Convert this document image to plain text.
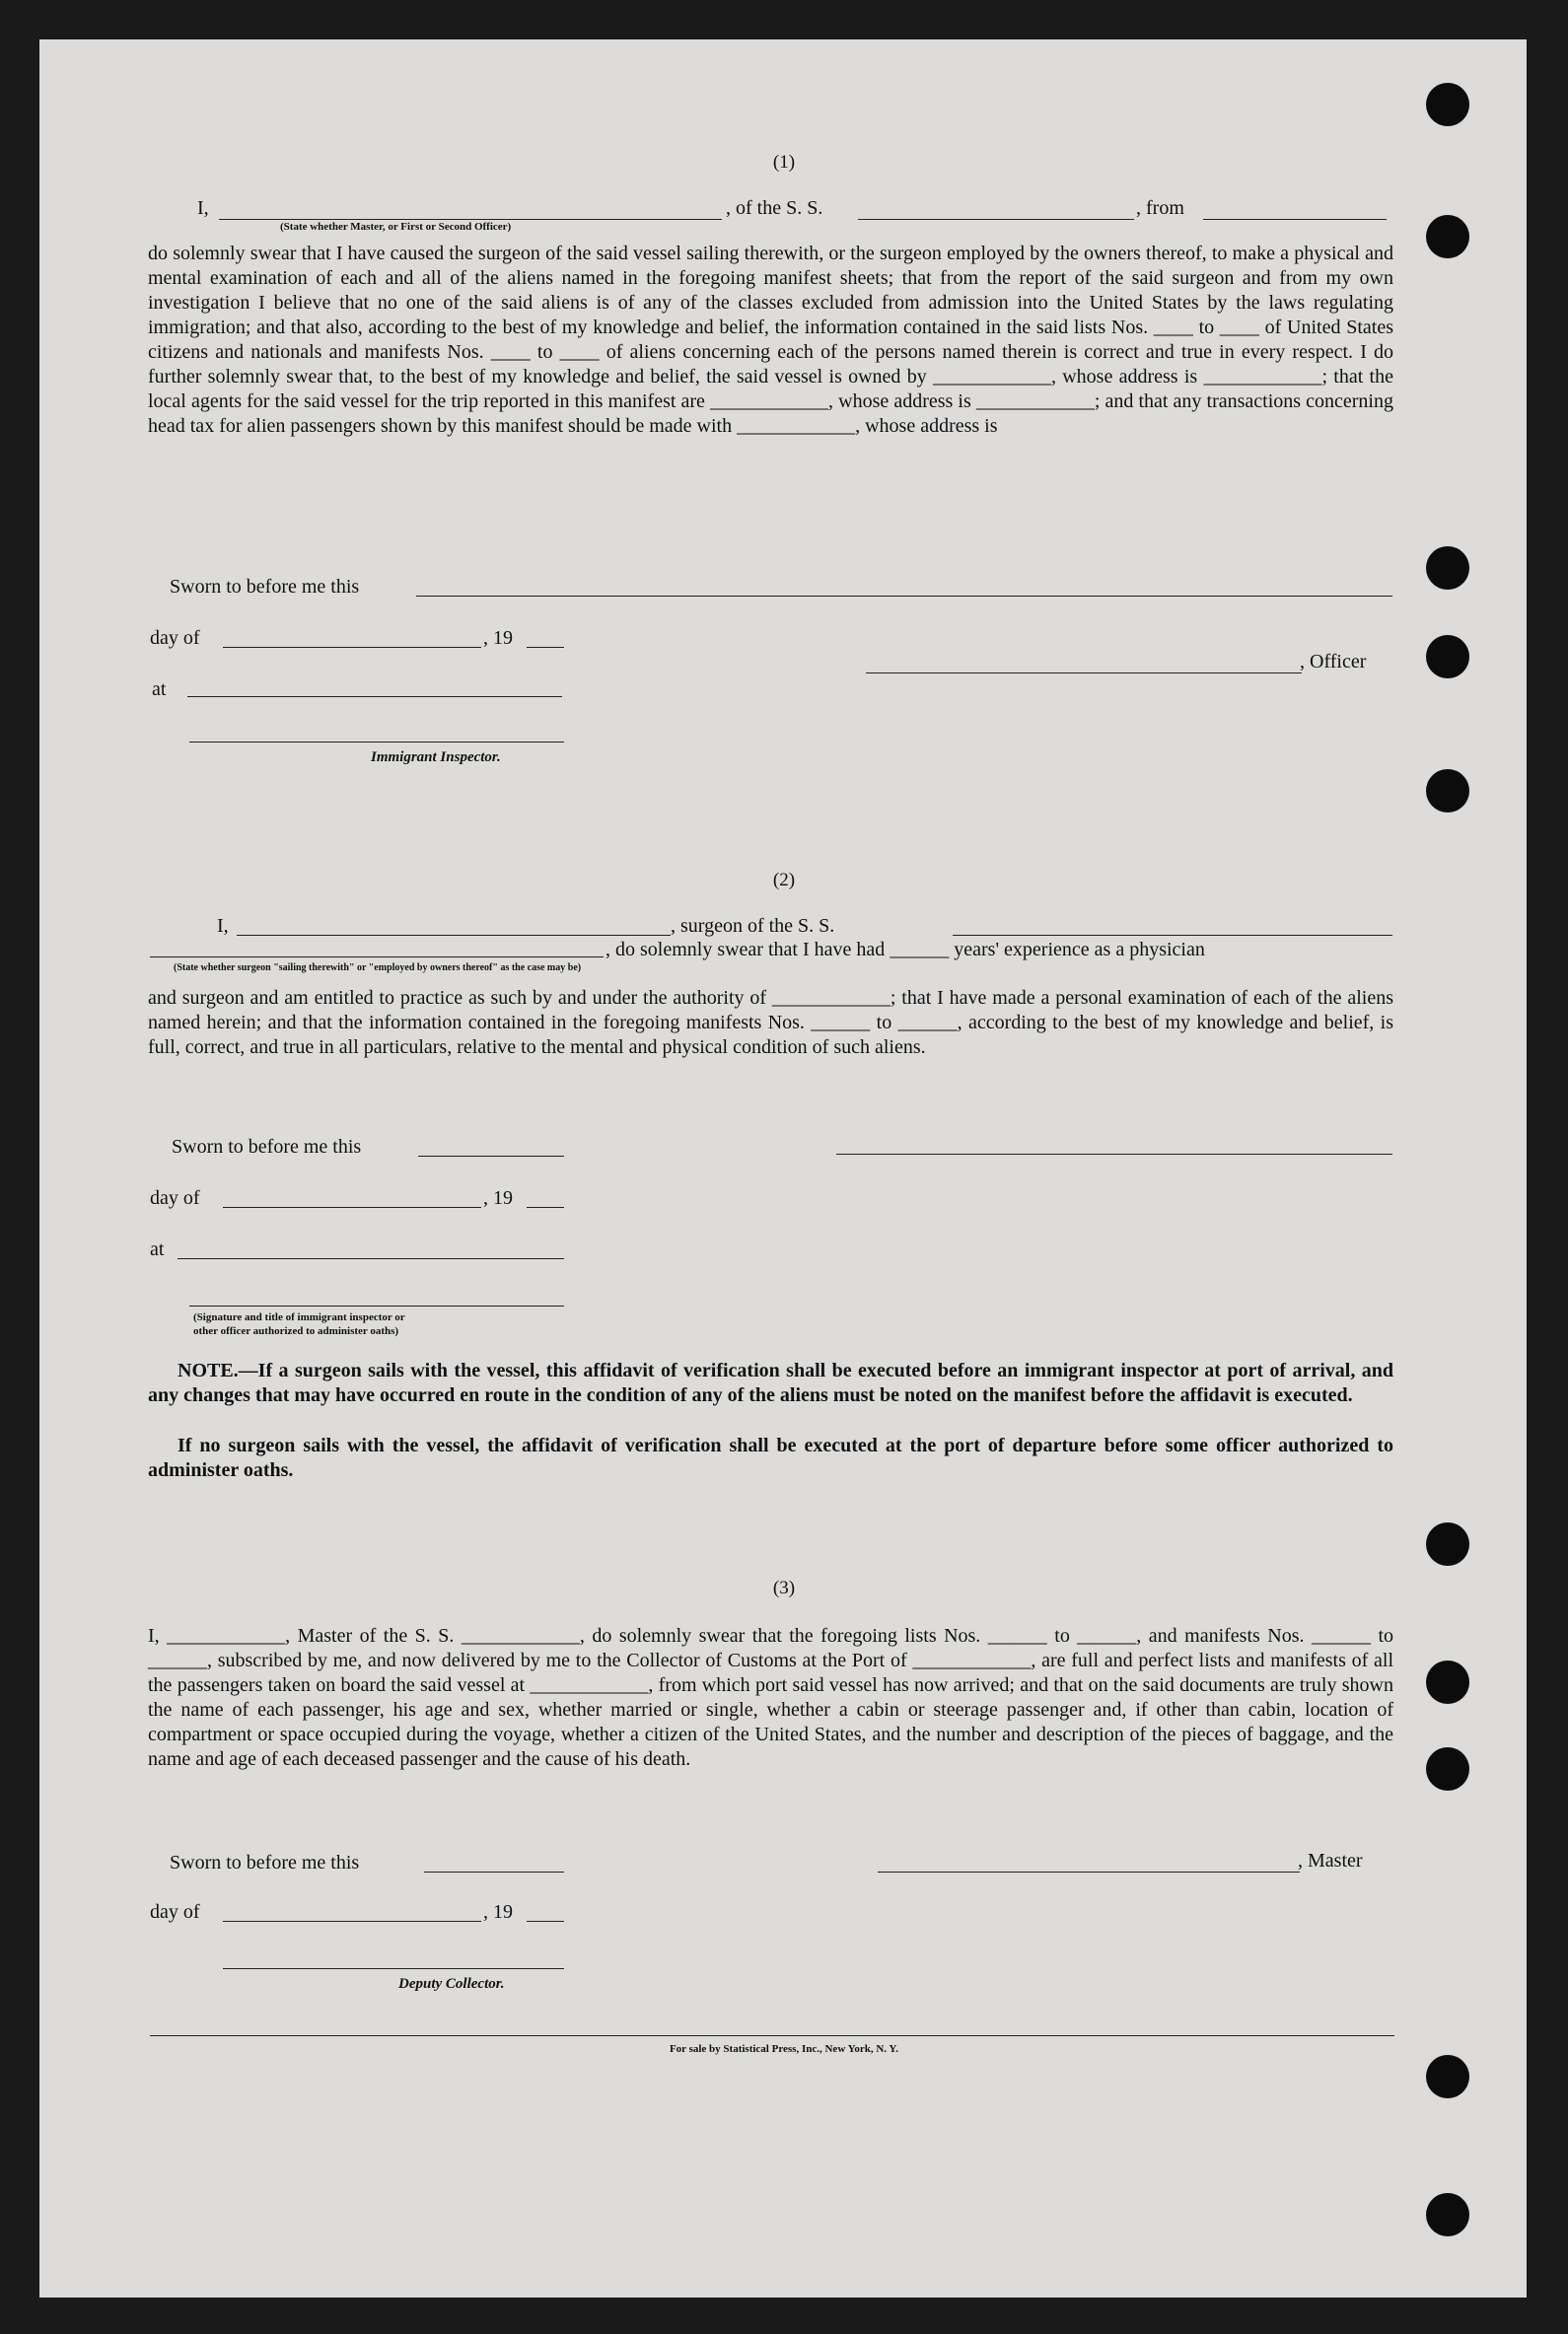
(1)
I,	, of the S. S.	, from
(State whether Master, or First or Second Officer)
do solemnly swear that I have caused the surgeon of the said vessel sailing therewith, or the surgeon employed by the owners thereof, to make a physical and mental examination of each and all of the aliens named in the foregoing manifest sheets; that from the report of the said surgeon and from my own investigation I believe that no one of the said aliens is of any of the classes excluded from admission into the United States by the laws regulating immigration; and that also, according to the best of my knowledge and belief, the information contained in the said lists Nos. ____ to ____ of United States citizens and nationals and manifests Nos. ____ to ____ of aliens concerning each of the persons named therein is correct and true in every respect. I do further solemnly swear that, to the best of my knowledge and belief, the said vessel is owned by ____________, whose address is ____________; that the local agents for the said vessel for the trip reported in this manifest are ____________, whose address is ____________; and that any transactions concerning head tax for alien passengers shown by this manifest should be made with ____________, whose address is
Sworn to before me this
day of	, 19
at
, Officer
Immigrant Inspector.
(2)
I,	, surgeon of the S. S.
, do solemnly swear that I have had ______ years' experience as a physician
(State whether surgeon "sailing therewith" or "employed by owners thereof" as the case may be)
and surgeon and am entitled to practice as such by and under the authority of ____________; that I have made a personal examination of each of the aliens named herein; and that the information contained in the foregoing manifests Nos. ______ to ______, according to the best of my knowledge and belief, is full, correct, and true in all particulars, relative to the mental and physical condition of such aliens.
Sworn to before me this
day of	, 19
at
(Signature and title of immigrant inspector or
other officer authorized to administer oaths)
NOTE.—If a surgeon sails with the vessel, this affidavit of verification shall be executed before an immigrant inspector at port of arrival, and any changes that may have occurred en route in the condition of any of the aliens must be noted on the manifest before the affidavit is executed.
If no surgeon sails with the vessel, the affidavit of verification shall be executed at the port of departure before some officer authorized to administer oaths.
(3)
I, ____________, Master of the S. S. ____________, do solemnly swear that the foregoing lists Nos. ______ to ______, and manifests Nos. ______ to ______, subscribed by me, and now delivered by me to the Collector of Customs at the Port of ____________, are full and perfect lists and manifests of all the passengers taken on board the said vessel at ____________, from which port said vessel has now arrived; and that on the said documents are truly shown the name of each passenger, his age and sex, whether married or single, whether a cabin or steerage passenger and, if other than cabin, location of compartment or space occupied during the voyage, whether a citizen of the United States, and the number and description of the pieces of baggage, and the name and age of each deceased passenger and the cause of his death.
Sworn to before me this	, Master
day of	, 19
Deputy Collector.
For sale by Statistical Press, Inc., New York, N. Y.
